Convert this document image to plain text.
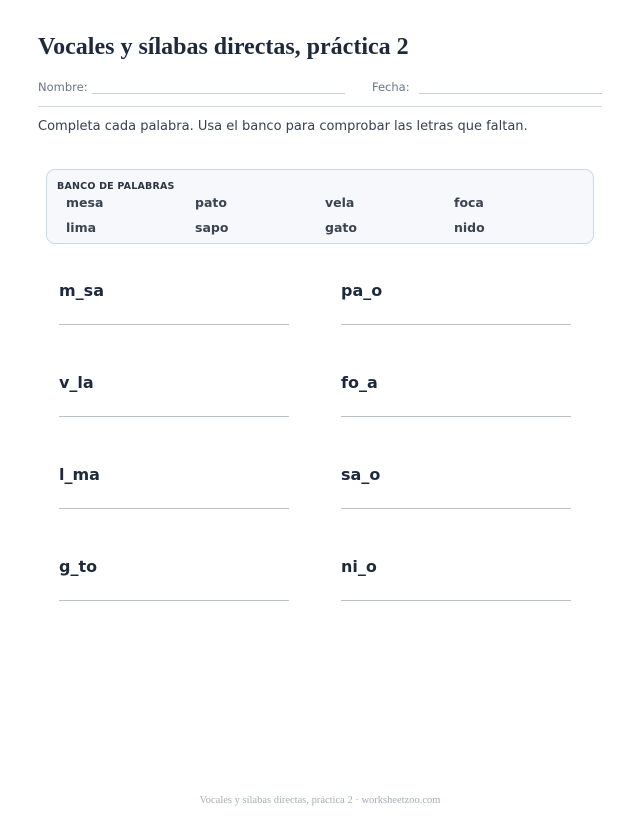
Vocales y sílabas directas, práctica 2
Nombre:	Fecha:
Completa cada palabra. Usa el banco para comprobar las letras que faltan.
BANCO DE PALABRAS
mesa	pato	vela	foca
lima	sapo	gato	nido
m_sa	pa_o
v_la	fo_a
l_ma	sa_o
g_to	ni_o
Vocales y sílabas directas, práctica 2 · worksheetzoo.com
